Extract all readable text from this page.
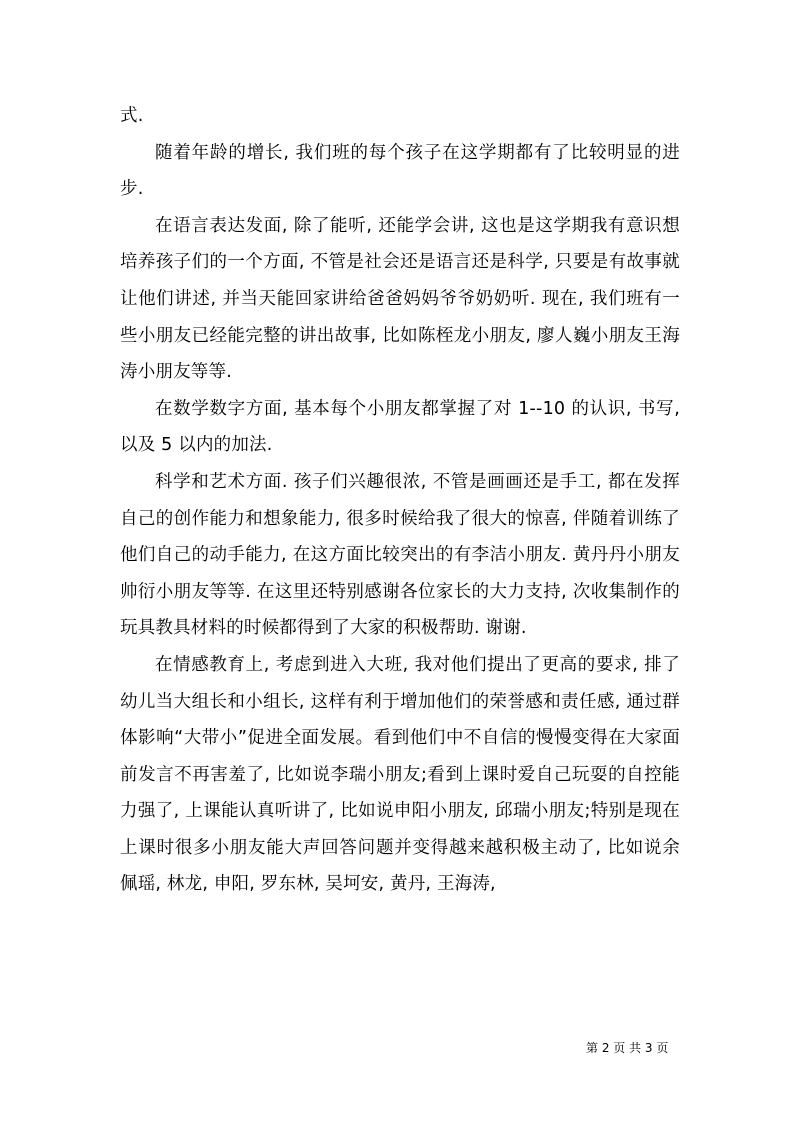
式.

随着年龄的增长, 我们班的每个孩子在这学期都有了比较明显的进步.

在语言表达发面, 除了能听, 还能学会讲, 这也是这学期我有意识想培养孩子们的一个方面, 不管是社会还是语言还是科学, 只要是有故事就让他们讲述, 并当天能回家讲给爸爸妈妈爷爷奶奶听. 现在, 我们班有一些小朋友已经能完整的讲出故事, 比如陈桎龙小朋友, 廖人巍小朋友王海涛小朋友等等.

在数学数字方面, 基本每个小朋友都掌握了对 1--10 的认识, 书写, 以及 5 以内的加法.

科学和艺术方面. 孩子们兴趣很浓, 不管是画画还是手工, 都在发挥自己的创作能力和想象能力, 很多时候给我了很大的惊喜, 伴随着训练了他们自己的动手能力, 在这方面比较突出的有李洁小朋友. 黄丹丹小朋友帅衍小朋友等等. 在这里还特别感谢各位家长的大力支持, 次收集制作的玩具教具材料的时候都得到了大家的积极帮助. 谢谢.

在情感教育上, 考虑到进入大班, 我对他们提出了更高的要求, 排了幼儿当大组长和小组长, 这样有利于增加他们的荣誉感和责任感, 通过群体影响“大带小”促进全面发展。看到他们中不自信的慢慢变得在大家面前发言不再害羞了, 比如说李瑞小朋友;看到上课时爱自己玩耍的自控能力强了, 上课能认真听讲了, 比如说申阳小朋友, 邱瑞小朋友;特别是现在上课时很多小朋友能大声回答问题并变得越来越积极主动了, 比如说余佩瑶, 林龙, 申阳, 罗东林, 吴坷安, 黄丹, 王海涛,

第 2 页 共 3 页
